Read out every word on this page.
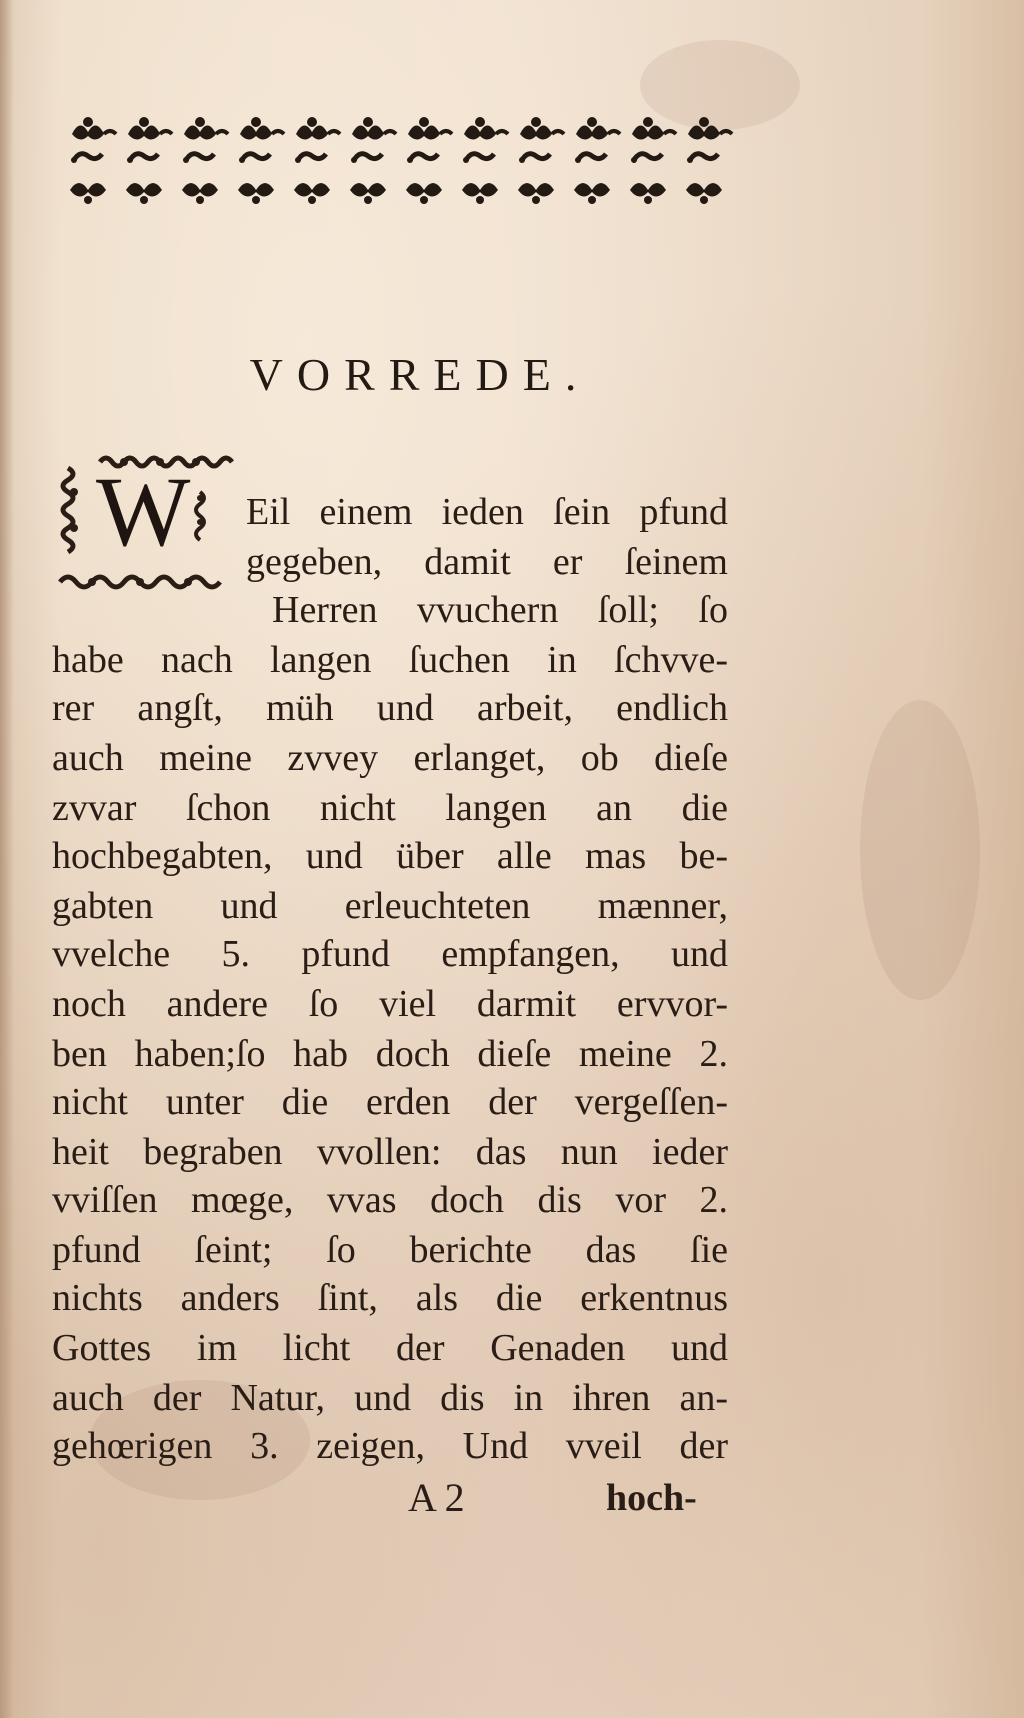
VORREDE.
W Eil einem ieden ſein pfund

gegeben, damit er ſeinem

Herren vvuchern ſoll; ſo

habe nach langen ſuchen in ſchvve-

rer angſt, müh und arbeit, endlich

auch meine zvvey erlanget, ob dieſe

zvvar ſchon nicht langen an die

hochbegabten, und über alle mas be-

gabten und erleuchteten mænner,

vvelche 5. pfund empfangen, und

noch andere ſo viel darmit ervvor-

ben haben;ſo hab doch dieſe meine 2.

nicht unter die erden der vergeſſen-

heit begraben vvollen: das nun ieder

vviſſen mœge, vvas doch dis vor 2.

pfund ſeint; ſo berichte das ſie

nichts anders ſint, als die erkentnus

Gottes im licht der Genaden und

auch der Natur, und dis in ihren an-

gehœrigen 3. zeigen, Und vveil der

A 2	hoch-
